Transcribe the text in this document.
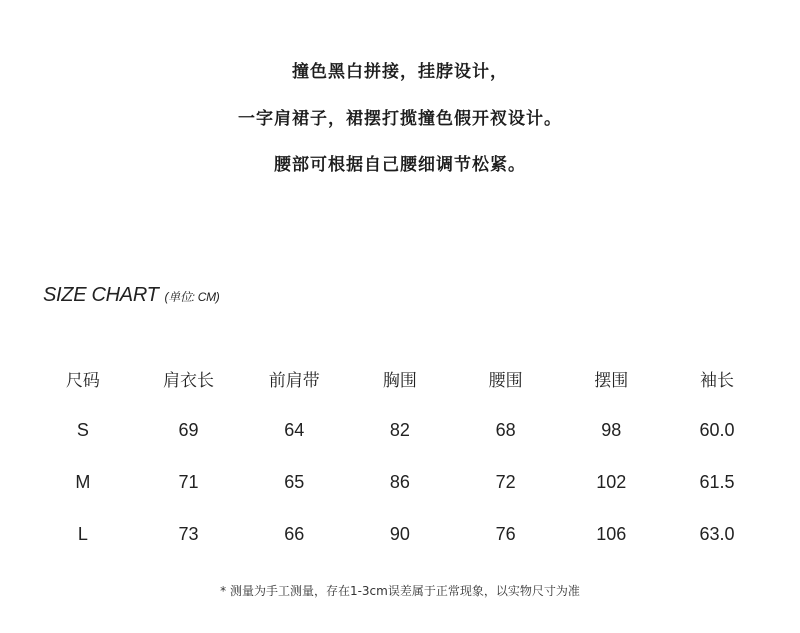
撞色黑白拼接，挂脖设计，
一字肩裙子，裙摆打揽撞色假开衩设计。
腰部可根据自己腰细调节松紧。
SIZE CHART (单位: CM)
尺码	肩衣长	前肩带	胸围	腰围	摆围	袖长
S	69	64	82	68	98	60.0
M	71	65	86	72	102	61.5
L	73	66	90	76	106	63.0
* 测量为手工测量，存在1-3cm误差属于正常现象，以实物尺寸为准
